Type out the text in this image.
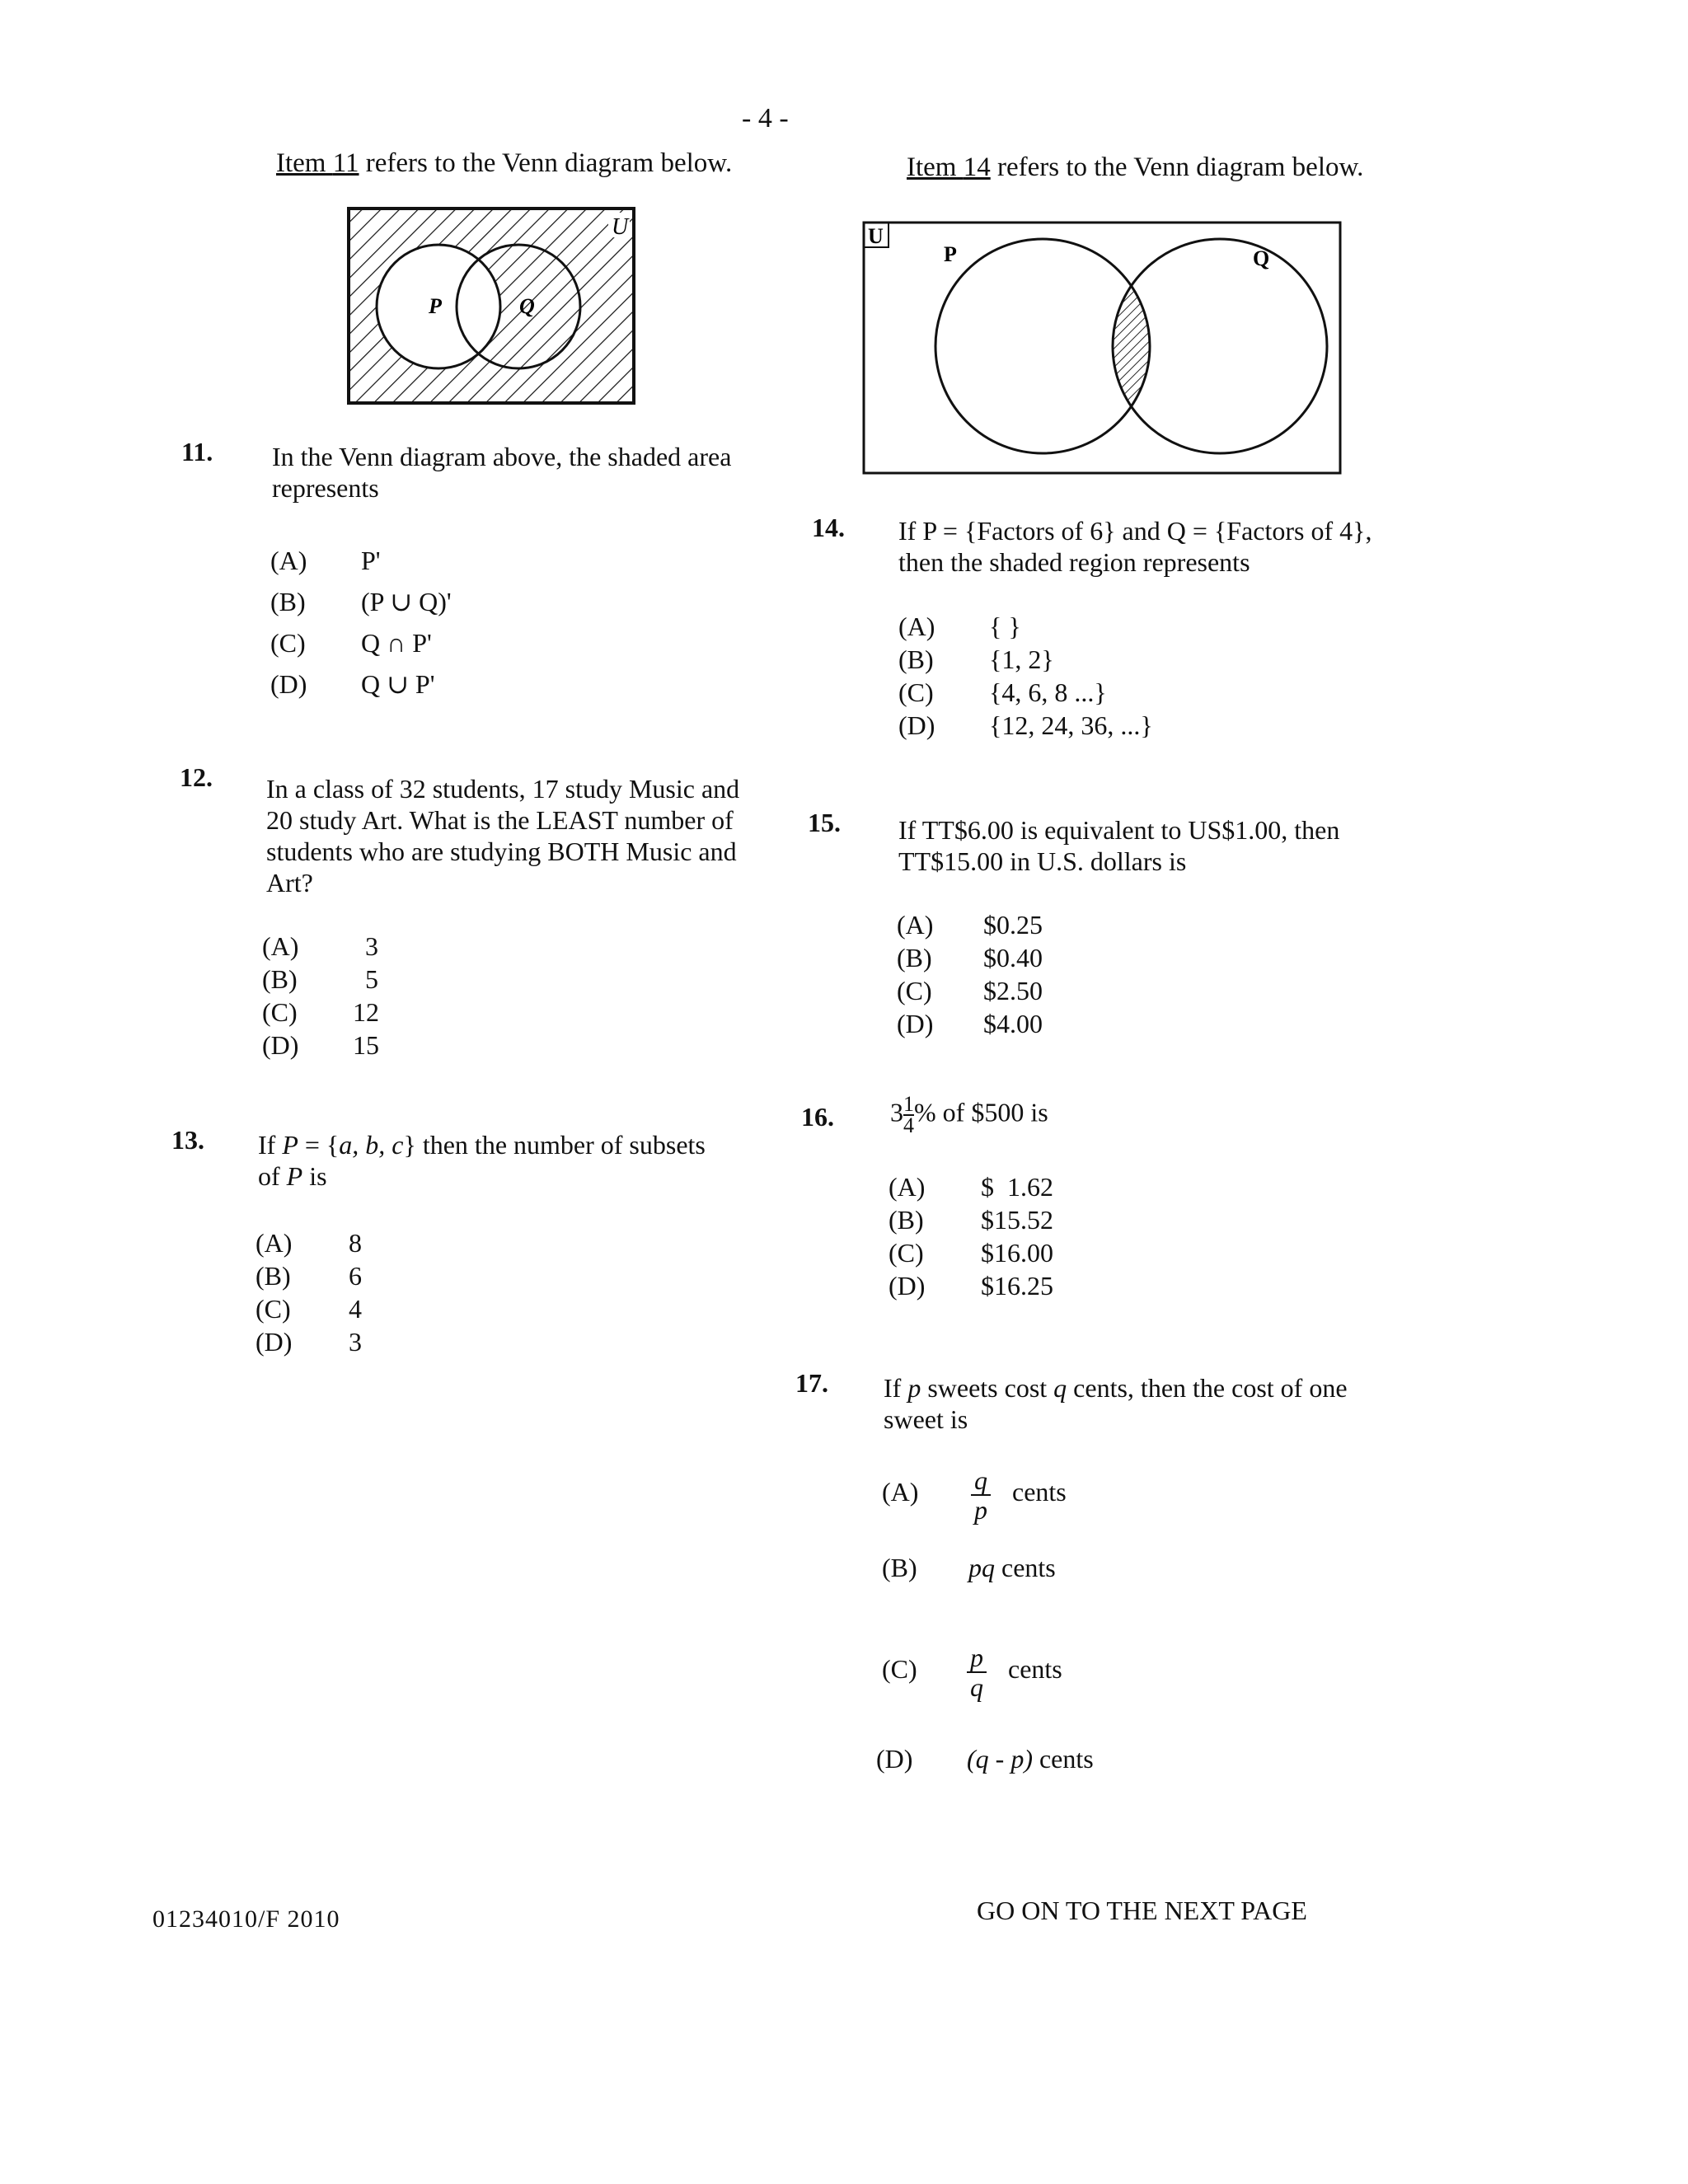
- 4 -
Item 11 refers to the Venn diagram below.
U
P	Q
11. In the Venn diagram above, the shaded area
represents
(A) P'
(B) (P ∪ Q)'
(C) Q ∩ P'
(D) Q ∪ P'
12. In a class of 32 students, 17 study Music and
20 study Art. What is the LEAST number of
students who are studying BOTH Music and
Art?
(A)	3
(B)	5
(C) 12
(D) 15
13. If P = {a, b, c} then the number of subsets
of P is
(A) 8
(B) 6
(C) 4
(D) 3
Item 14 refers to the Venn diagram below.
U
P	Q
14. If P = {Factors of 6} and Q = {Factors of 4},
then the shaded region represents
(A) { }
(B) {1, 2}
(C) {4, 6, 8 ...}
(D) {12, 24, 36, ...}
15. If TT$6.00 is equivalent to US$1.00, then
TT$15.00 in U.S. dollars is
(A) $0.25
(B) $0.40
(C) $2.50
(D) $4.00
16. $3 \frac{1}{4}\%$ of $500 is
(A) $  1.62
(B) $15.52
(C) $16.00
(D) $16.25
17. If p sweets cost q cents, then the cost of one
sweet is
$(A) \frac{q}{p}$ cents
(B) pq cents
$(C) \frac{p}{q}$ cents
(D) (q - p) cents
01234010/F 2010	GO ON TO THE NEXT PAGE
